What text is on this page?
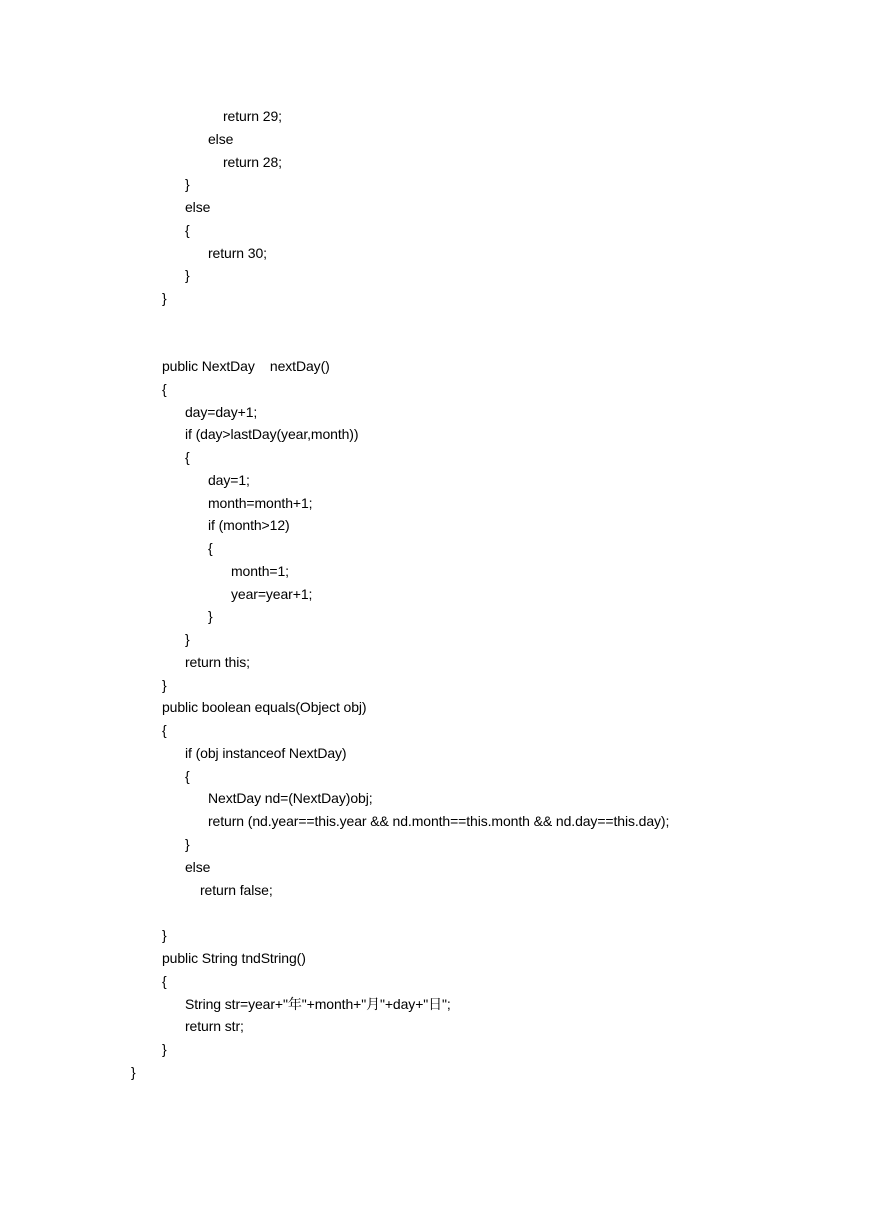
return 29;
else
return 28;
}
else
{
return 30;
}
}
public NextDay    nextDay()
{
day=day+1;
if (day>lastDay(year,month))
{
day=1;
month=month+1;
if (month>12)
{
month=1;
year=year+1;
}
}
return this;
}
public boolean equals(Object obj)
{
if (obj instanceof NextDay)
{
NextDay nd=(NextDay)obj;
return (nd.year==this.year && nd.month==this.month && nd.day==this.day);
}
else
return false;
}
public String tndString()
{
String str=year+"年"+month+"月"+day+"日";
return str;
}
}
